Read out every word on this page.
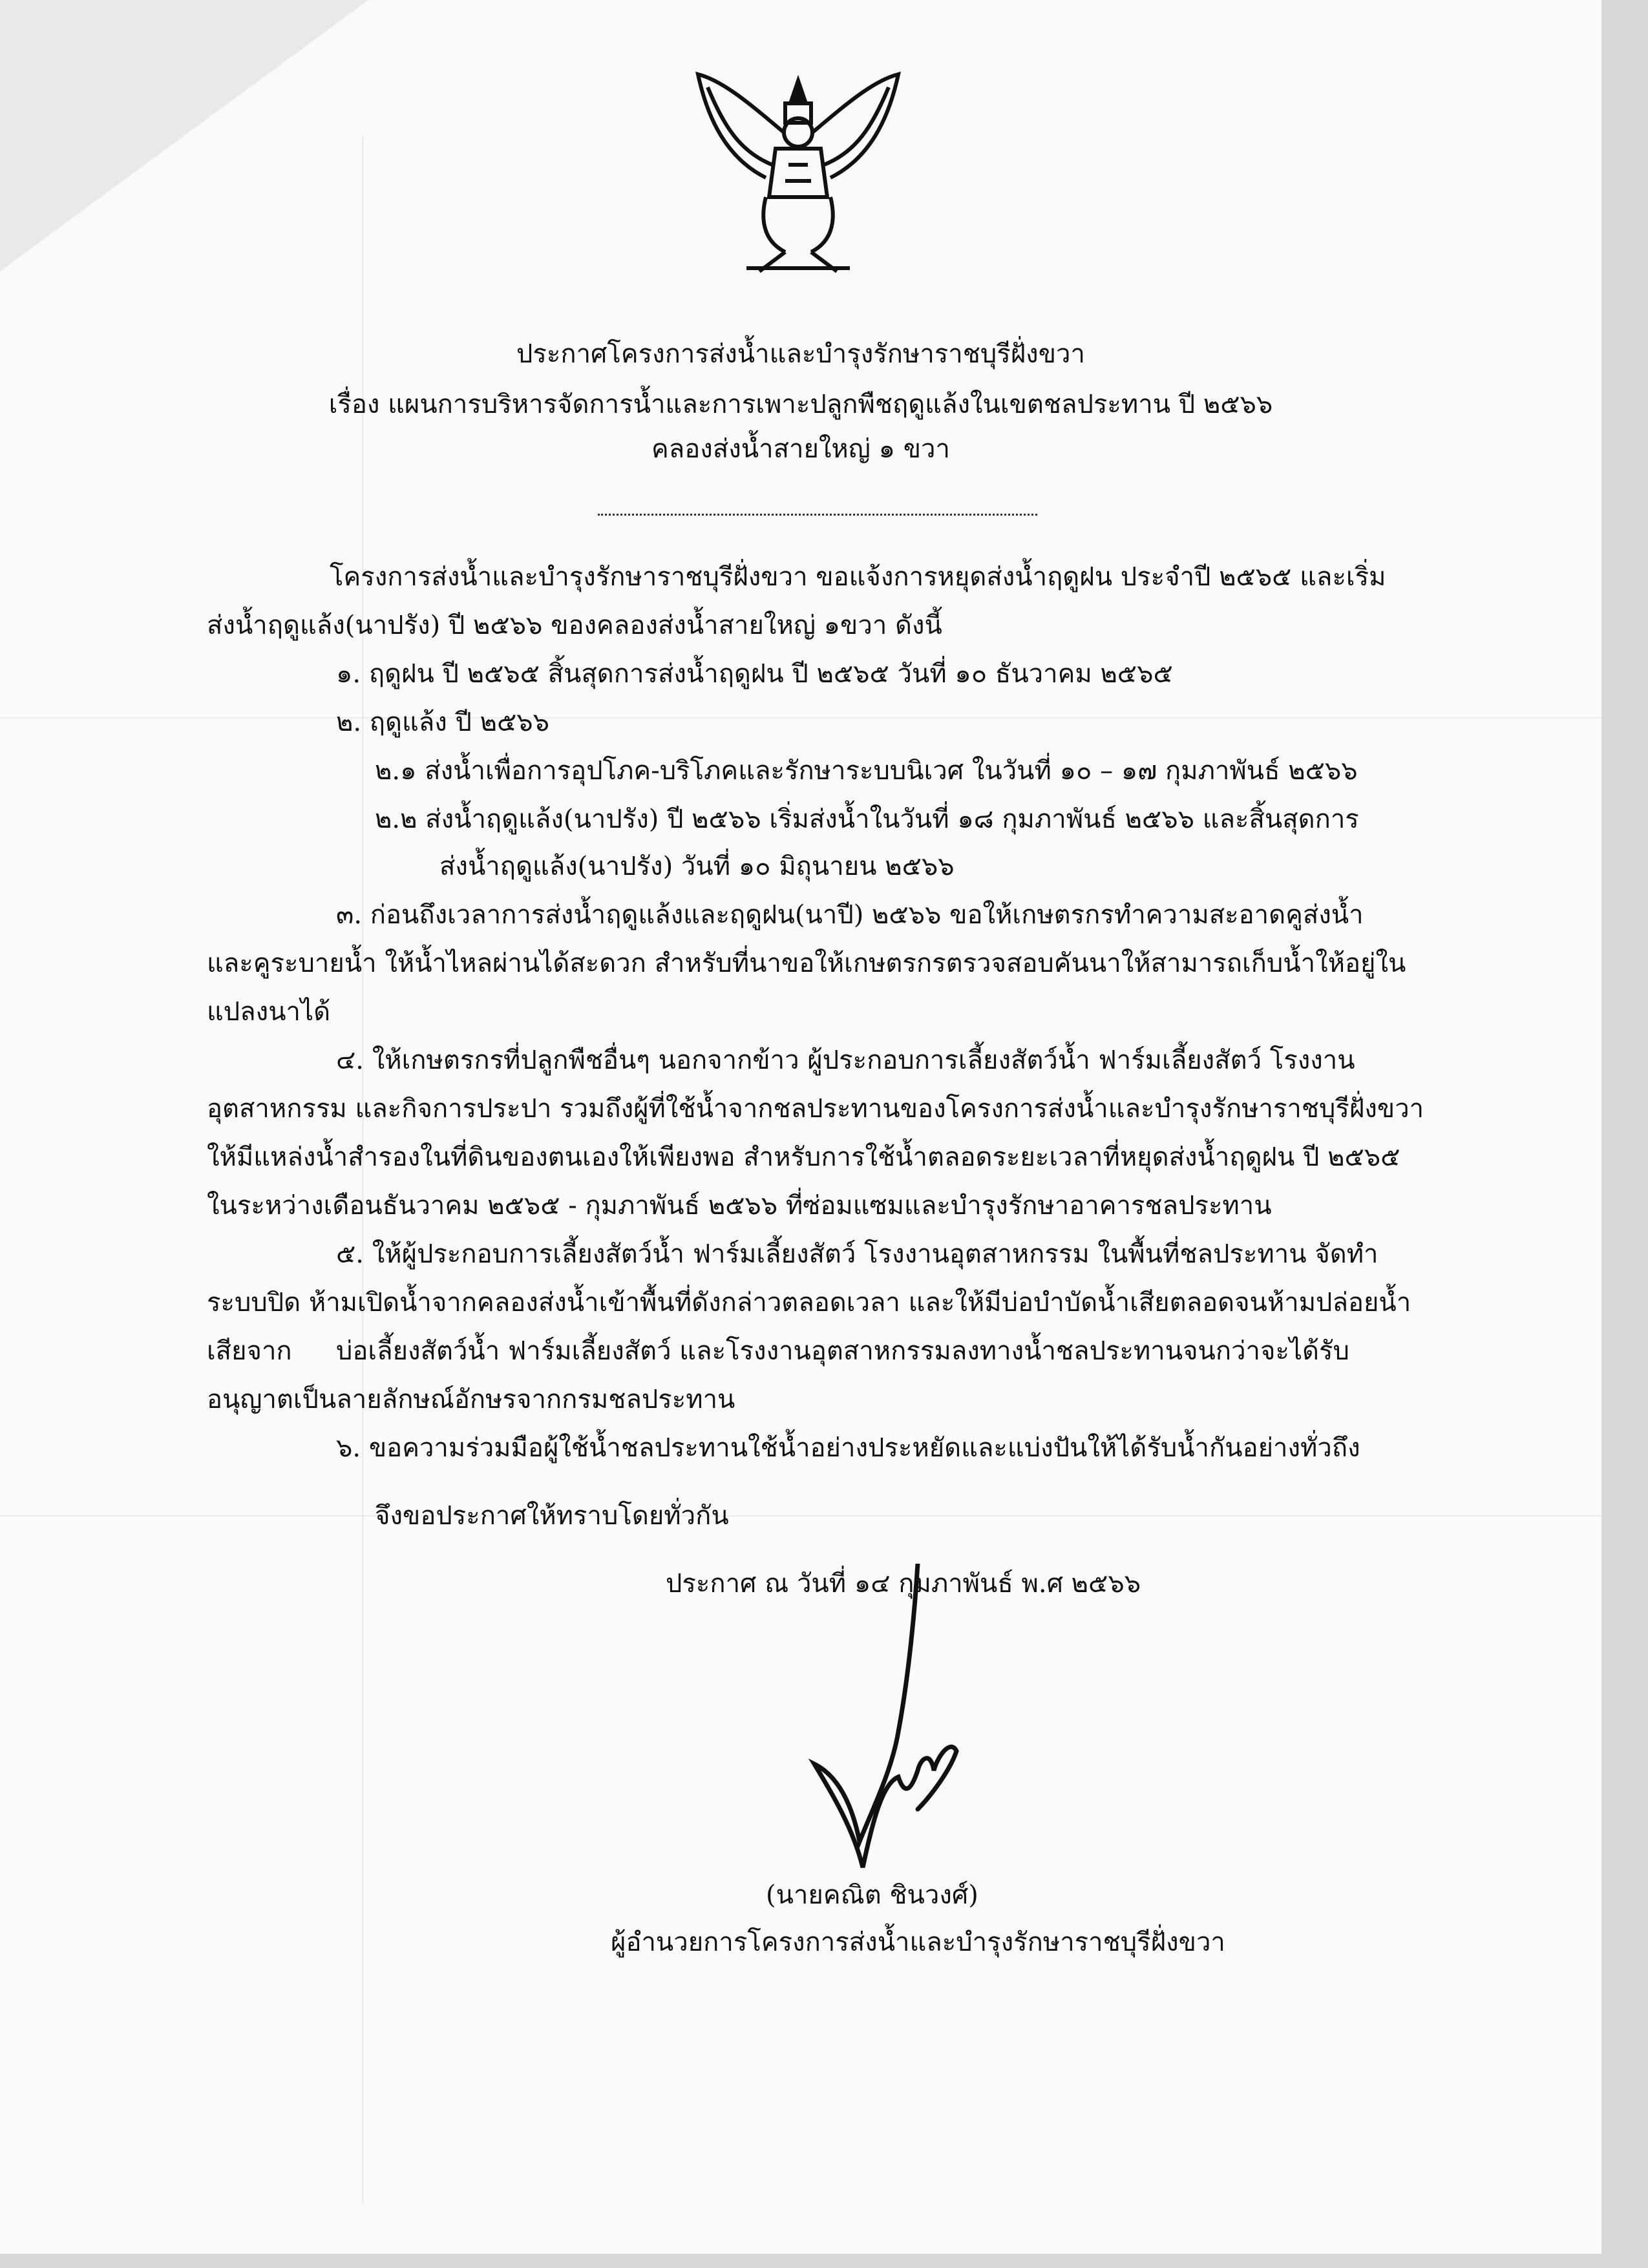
ประกาศโครงการส่งน้ำและบำรุงรักษาราชบุรีฝั่งขวา
เรื่อง แผนการบริหารจัดการน้ำและการเพาะปลูกพืชฤดูแล้งในเขตชลประทาน ปี ๒๕๖๖
คลองส่งน้ำสายใหญ่ ๑ ขวา
โครงการส่งน้ำและบำรุงรักษาราชบุรีฝั่งขวา ขอแจ้งการหยุดส่งน้ำฤดูฝน ประจำปี ๒๕๖๕ และเริ่ม
ส่งน้ำฤดูแล้ง(นาปรัง) ปี ๒๕๖๖ ของคลองส่งน้ำสายใหญ่ ๑ขวา ดังนี้
๑. ฤดูฝน ปี ๒๕๖๕ สิ้นสุดการส่งน้ำฤดูฝน ปี ๒๕๖๕ วันที่ ๑๐ ธันวาคม ๒๕๖๕
๒. ฤดูแล้ง ปี ๒๕๖๖
๒.๑ ส่งน้ำเพื่อการอุปโภค-บริโภคและรักษาระบบนิเวศ ในวันที่ ๑๐ – ๑๗ กุมภาพันธ์ ๒๕๖๖
๒.๒ ส่งน้ำฤดูแล้ง(นาปรัง) ปี ๒๕๖๖ เริ่มส่งน้ำในวันที่ ๑๘ กุมภาพันธ์ ๒๕๖๖ และสิ้นสุดการ
ส่งน้ำฤดูแล้ง(นาปรัง) วันที่ ๑๐ มิถุนายน ๒๕๖๖
๓. ก่อนถึงเวลาการส่งน้ำฤดูแล้งและฤดูฝน(นาปี) ๒๕๖๖ ขอให้เกษตรกรทำความสะอาดคูส่งน้ำ
และคูระบายน้ำ ให้น้ำไหลผ่านได้สะดวก สำหรับที่นาขอให้เกษตรกรตรวจสอบคันนาให้สามารถเก็บน้ำให้อยู่ใน
แปลงนาได้
๔. ให้เกษตรกรที่ปลูกพืชอื่นๆ นอกจากข้าว ผู้ประกอบการเลี้ยงสัตว์น้ำ ฟาร์มเลี้ยงสัตว์ โรงงาน
อุตสาหกรรม และกิจการประปา รวมถึงผู้ที่ใช้น้ำจากชลประทานของโครงการส่งน้ำและบำรุงรักษาราชบุรีฝั่งขวา
ให้มีแหล่งน้ำสำรองในที่ดินของตนเองให้เพียงพอ สำหรับการใช้น้ำตลอดระยะเวลาที่หยุดส่งน้ำฤดูฝน ปี ๒๕๖๕
ในระหว่างเดือนธันวาคม ๒๕๖๕ - กุมภาพันธ์ ๒๕๖๖ ที่ซ่อมแซมและบำรุงรักษาอาคารชลประทาน
๕. ให้ผู้ประกอบการเลี้ยงสัตว์น้ำ ฟาร์มเลี้ยงสัตว์ โรงงานอุตสาหกรรม ในพื้นที่ชลประทาน จัดทำ
ระบบปิด ห้ามเปิดน้ำจากคลองส่งน้ำเข้าพื้นที่ดังกล่าวตลอดเวลา และให้มีบ่อบำบัดน้ำเสียตลอดจนห้ามปล่อยน้ำ
เสียจาก บ่อเลี้ยงสัตว์น้ำ ฟาร์มเลี้ยงสัตว์ และโรงงานอุตสาหกรรมลงทางน้ำชลประทานจนกว่าจะได้รับ
อนุญาตเป็นลายลักษณ์อักษรจากกรมชลประทาน
๖. ขอความร่วมมือผู้ใช้น้ำชลประทานใช้น้ำอย่างประหยัดและแบ่งปันให้ได้รับน้ำกันอย่างทั่วถึง
จึงขอประกาศให้ทราบโดยทั่วกัน
ประกาศ ณ วันที่ ๑๔ กุมภาพันธ์ พ.ศ ๒๕๖๖
(นายคณิต ชินวงศ์)
ผู้อำนวยการโครงการส่งน้ำและบำรุงรักษาราชบุรีฝั่งขวา
